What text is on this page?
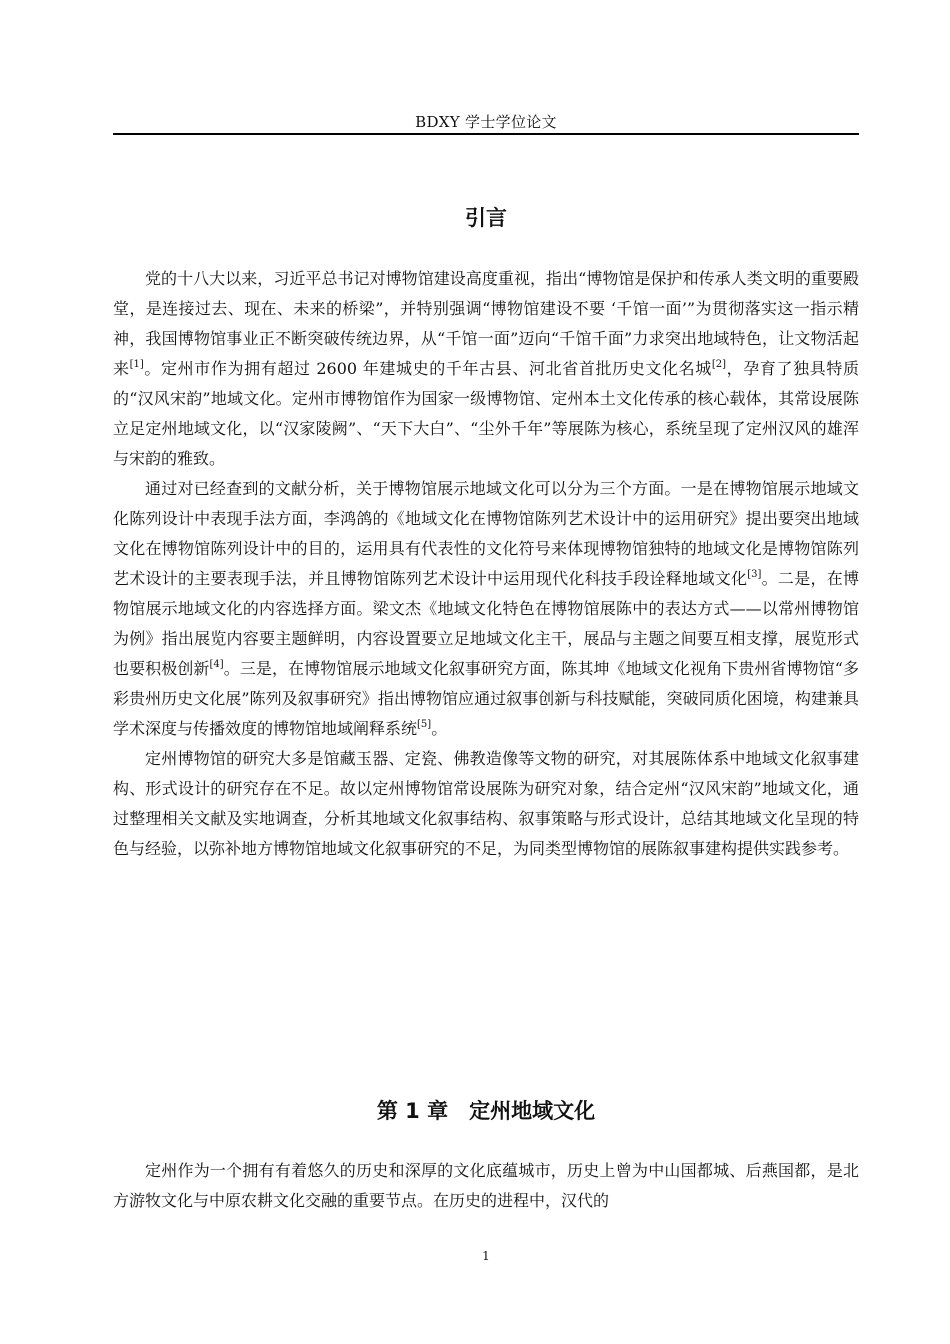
BDXY 学士学位论文
引言

党的十八大以来，习近平总书记对博物馆建设高度重视，指出“博物馆是保护和传承人类文明的重要殿堂，是连接过去、现在、未来的桥梁”，并特别强调“博物馆建设不要 ‘千馆一面’”为贯彻落实这一指示精神，我国博物馆事业正不断突破传统边界，从“千馆一面”迈向“千馆千面”力求突出地域特色，让文物活起来[1]。定州市作为拥有超过 2600 年建城史的千年古县、河北省首批历史文化名城[2]，孕育了独具特质的“汉风宋韵”地域文化。定州市博物馆作为国家一级博物馆、定州本土文化传承的核心载体，其常设展陈立足定州地域文化，以“汉家陵阙”、“天下大白”、“尘外千年”等展陈为核心，系统呈现了定州汉风的雄浑与宋韵的雅致。

通过对已经查到的文献分析，关于博物馆展示地域文化可以分为三个方面。一是在博物馆展示地域文化陈列设计中表现手法方面，李鸿鸽的《地域文化在博物馆陈列艺术设计中的运用研究》提出要突出地域文化在博物馆陈列设计中的目的，运用具有代表性的文化符号来体现博物馆独特的地域文化是博物馆陈列艺术设计的主要表现手法，并且博物馆陈列艺术设计中运用现代化科技手段诠释地域文化[3]。二是，在博物馆展示地域文化的内容选择方面。梁文杰《地域文化特色在博物馆展陈中的表达方式——以常州博物馆为例》指出展览内容要主题鲜明，内容设置要立足地域文化主干，展品与主题之间要互相支撑，展览形式也要积极创新[4]。三是，在博物馆展示地域文化叙事研究方面，陈其坤《地域文化视角下贵州省博物馆“多彩贵州历史文化展”陈列及叙事研究》指出博物馆应通过叙事创新与科技赋能，突破同质化困境，构建兼具学术深度与传播效度的博物馆地域阐释系统[5]。

定州博物馆的研究大多是馆藏玉器、定瓷、佛教造像等文物的研究，对其展陈体系中地域文化叙事建构、形式设计的研究存在不足。故以定州博物馆常设展陈为研究对象，结合定州“汉风宋韵”地域文化，通过整理相关文献及实地调查，分析其地域文化叙事结构、叙事策略与形式设计，总结其地域文化呈现的特色与经验，以弥补地方博物馆地域文化叙事研究的不足，为同类型博物馆的展陈叙事建构提供实践参考。

第 1 章　定州地域文化

定州作为一个拥有有着悠久的历史和深厚的文化底蕴城市，历史上曾为中山国都城、后燕国都，是北方游牧文化与中原农耕文化交融的重要节点。在历史的进程中，汉代的

1
